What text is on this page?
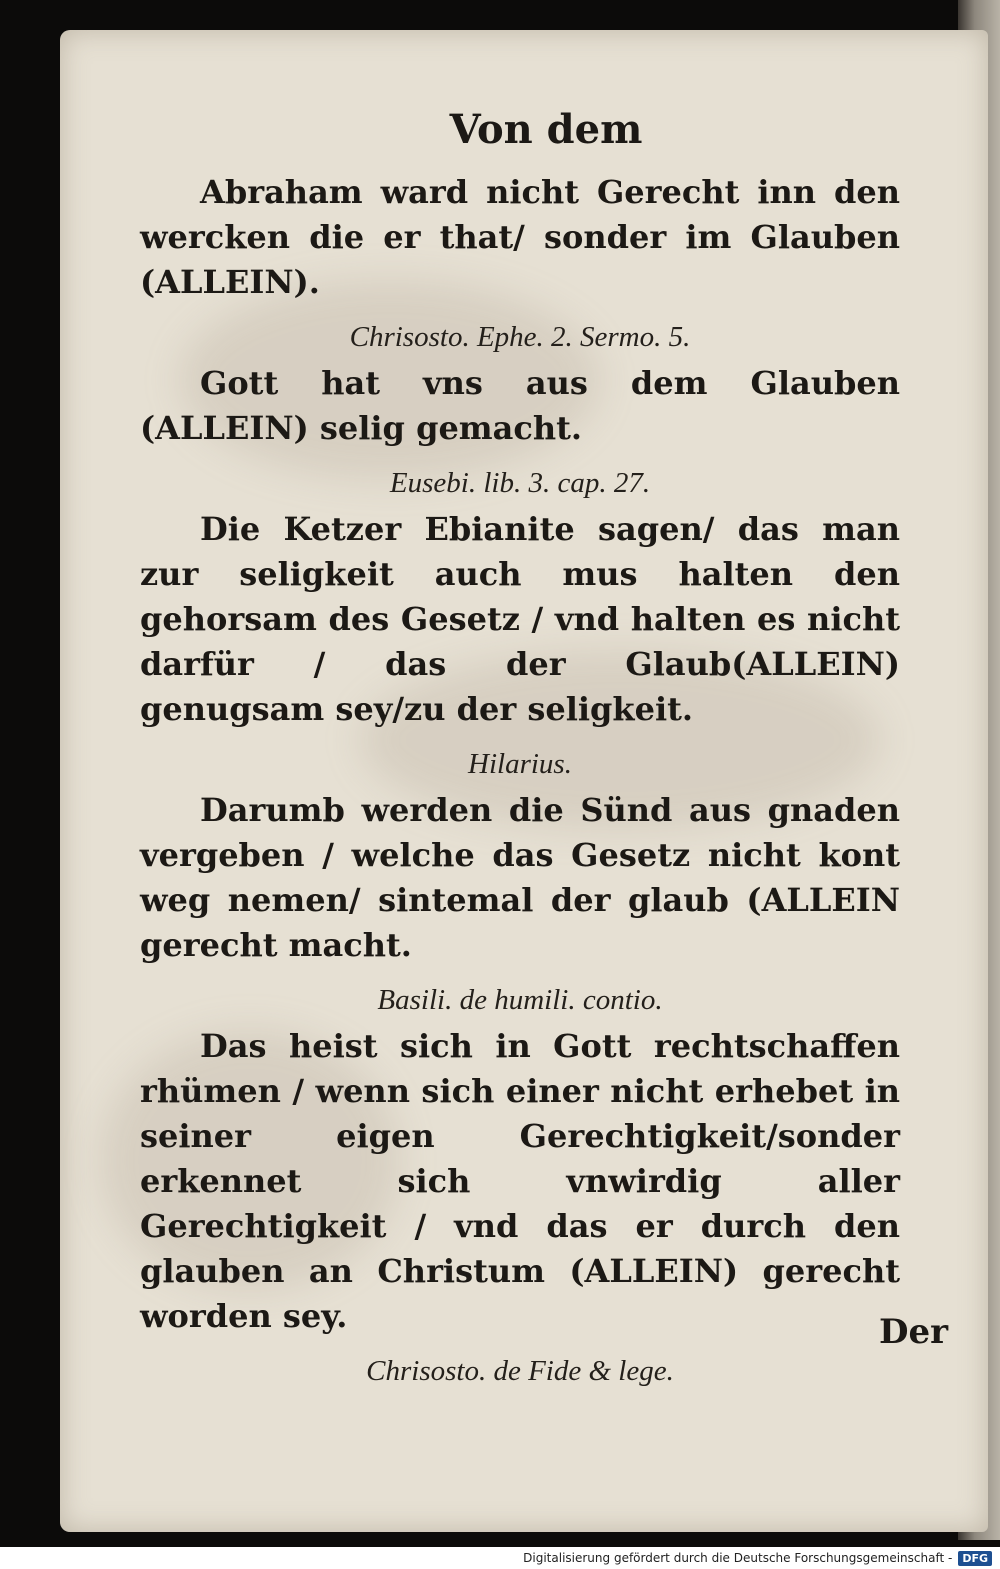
Von dem
Abraham ward nicht Gerecht inn den wercken die er that/ sonder im Glauben (ALLEIN).
Chrisosto. Ephe. 2. Sermo. 5.
Gott hat vns aus dem Glauben (ALLEIN) selig gemacht.
Eusebi. lib. 3. cap. 27.
Die Ketzer Ebianite sagen/ das man zur seligkeit auch mus halten den gehorsam des Gesetz / vnd halten es nicht darfür / das der Glaub(ALLEIN) genugsam sey/zu der seligkeit.
Hilarius.
Darumb werden die Sünd aus gnaden vergeben / welche das Gesetz nicht kont weg nemen/ sintemal der glaub (ALLEIN gerecht macht.
Basili. de humili. contio.
Das heist sich in Gott rechtschaffen rhümen / wenn sich einer nicht erhebet in seiner eigen Gerechtigkeit/sonder erkennet sich vnwirdig aller Gerechtigkeit / vnd das er durch den glauben an Christum (ALLEIN) gerecht worden sey.
Chrisosto. de Fide & lege.
Der
Digitalisierung gefördert durch die Deutsche Forschungsgemeinschaft - DFG
